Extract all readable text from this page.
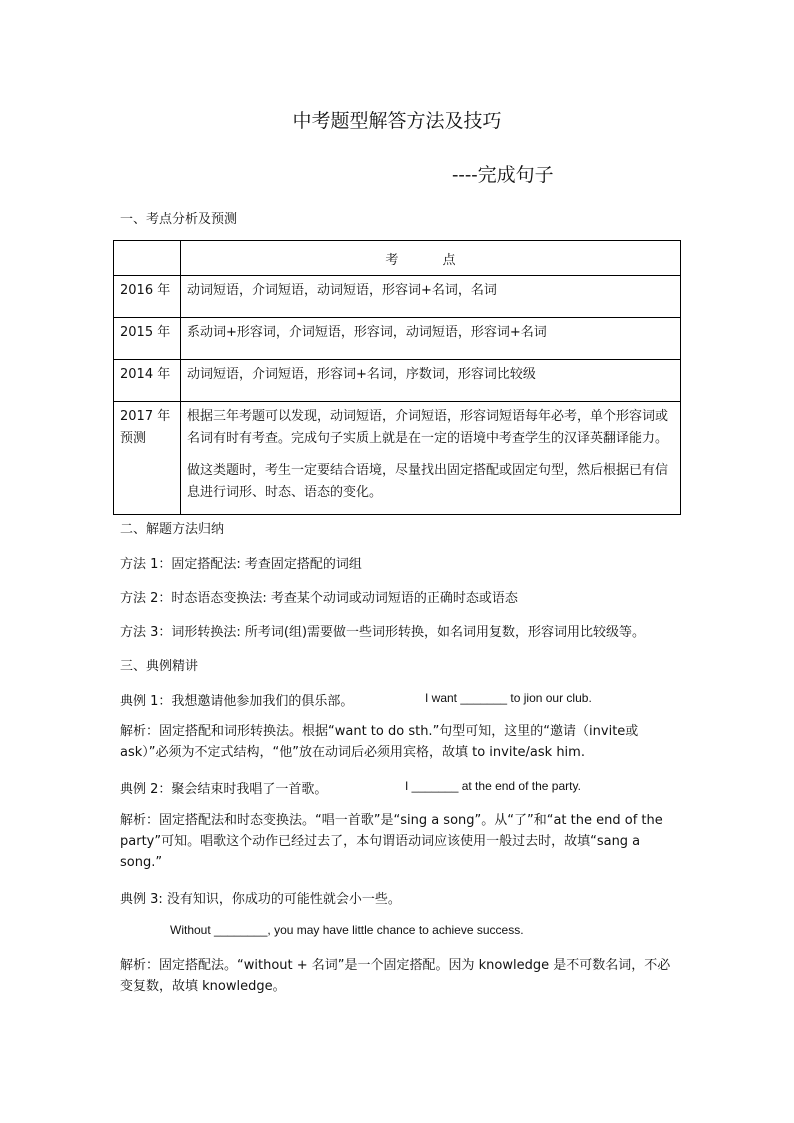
中考题型解答方法及技巧
----完成句子
一、考点分析及预测
	考 点
2016 年	动词短语，介词短语，动词短语，形容词+名词，名词
2015 年	系动词+形容词，介词短语，形容词，动词短语，形容词+名词
2014 年	动词短语，介词短语，形容词+名词，序数词，形容词比较级
2017 年 预测	根据三年考题可以发现，动词短语，介词短语，形容词短语每年必考，单个形容词或名词有时有考查。完成句子实质上就是在一定的语境中考查学生的汉译英翻译能力。
做这类题时，考生一定要结合语境，尽量找出固定搭配或固定句型，然后根据已有信息进行词形、时态、语态的变化。
二、解题方法归纳
方法 1：固定搭配法: 考查固定搭配的词组
方法 2：时态语态变换法: 考查某个动词或动词短语的正确时态或语态
方法 3：词形转换法: 所考词(组)需要做一些词形转换，如名词用复数，形容词用比较级等。
三、典例精讲
典例 1：我想邀请他参加我们的俱乐部。	I want _______ to jion our club.
解析：固定搭配和词形转换法。根据“want to do sth.”句型可知，这里的“邀请（invite或ask）”必须为不定式结构，“他”放在动词后必须用宾格，故填 to invite/ask him.
典例 2：聚会结束时我唱了一首歌。	I _______ at the end of the party.
解析：固定搭配法和时态变换法。“唱一首歌”是“sing a song”。从“了”和“at the end of the party”可知。唱歌这个动作已经过去了，本句谓语动词应该使用一般过去时，故填“sang a song.”
典例 3: 没有知识，你成功的可能性就会小一些。
Without ________, you may have little chance to achieve success.
解析：固定搭配法。“without + 名词”是一个固定搭配。因为 knowledge 是不可数名词，不必变复数，故填 knowledge。
